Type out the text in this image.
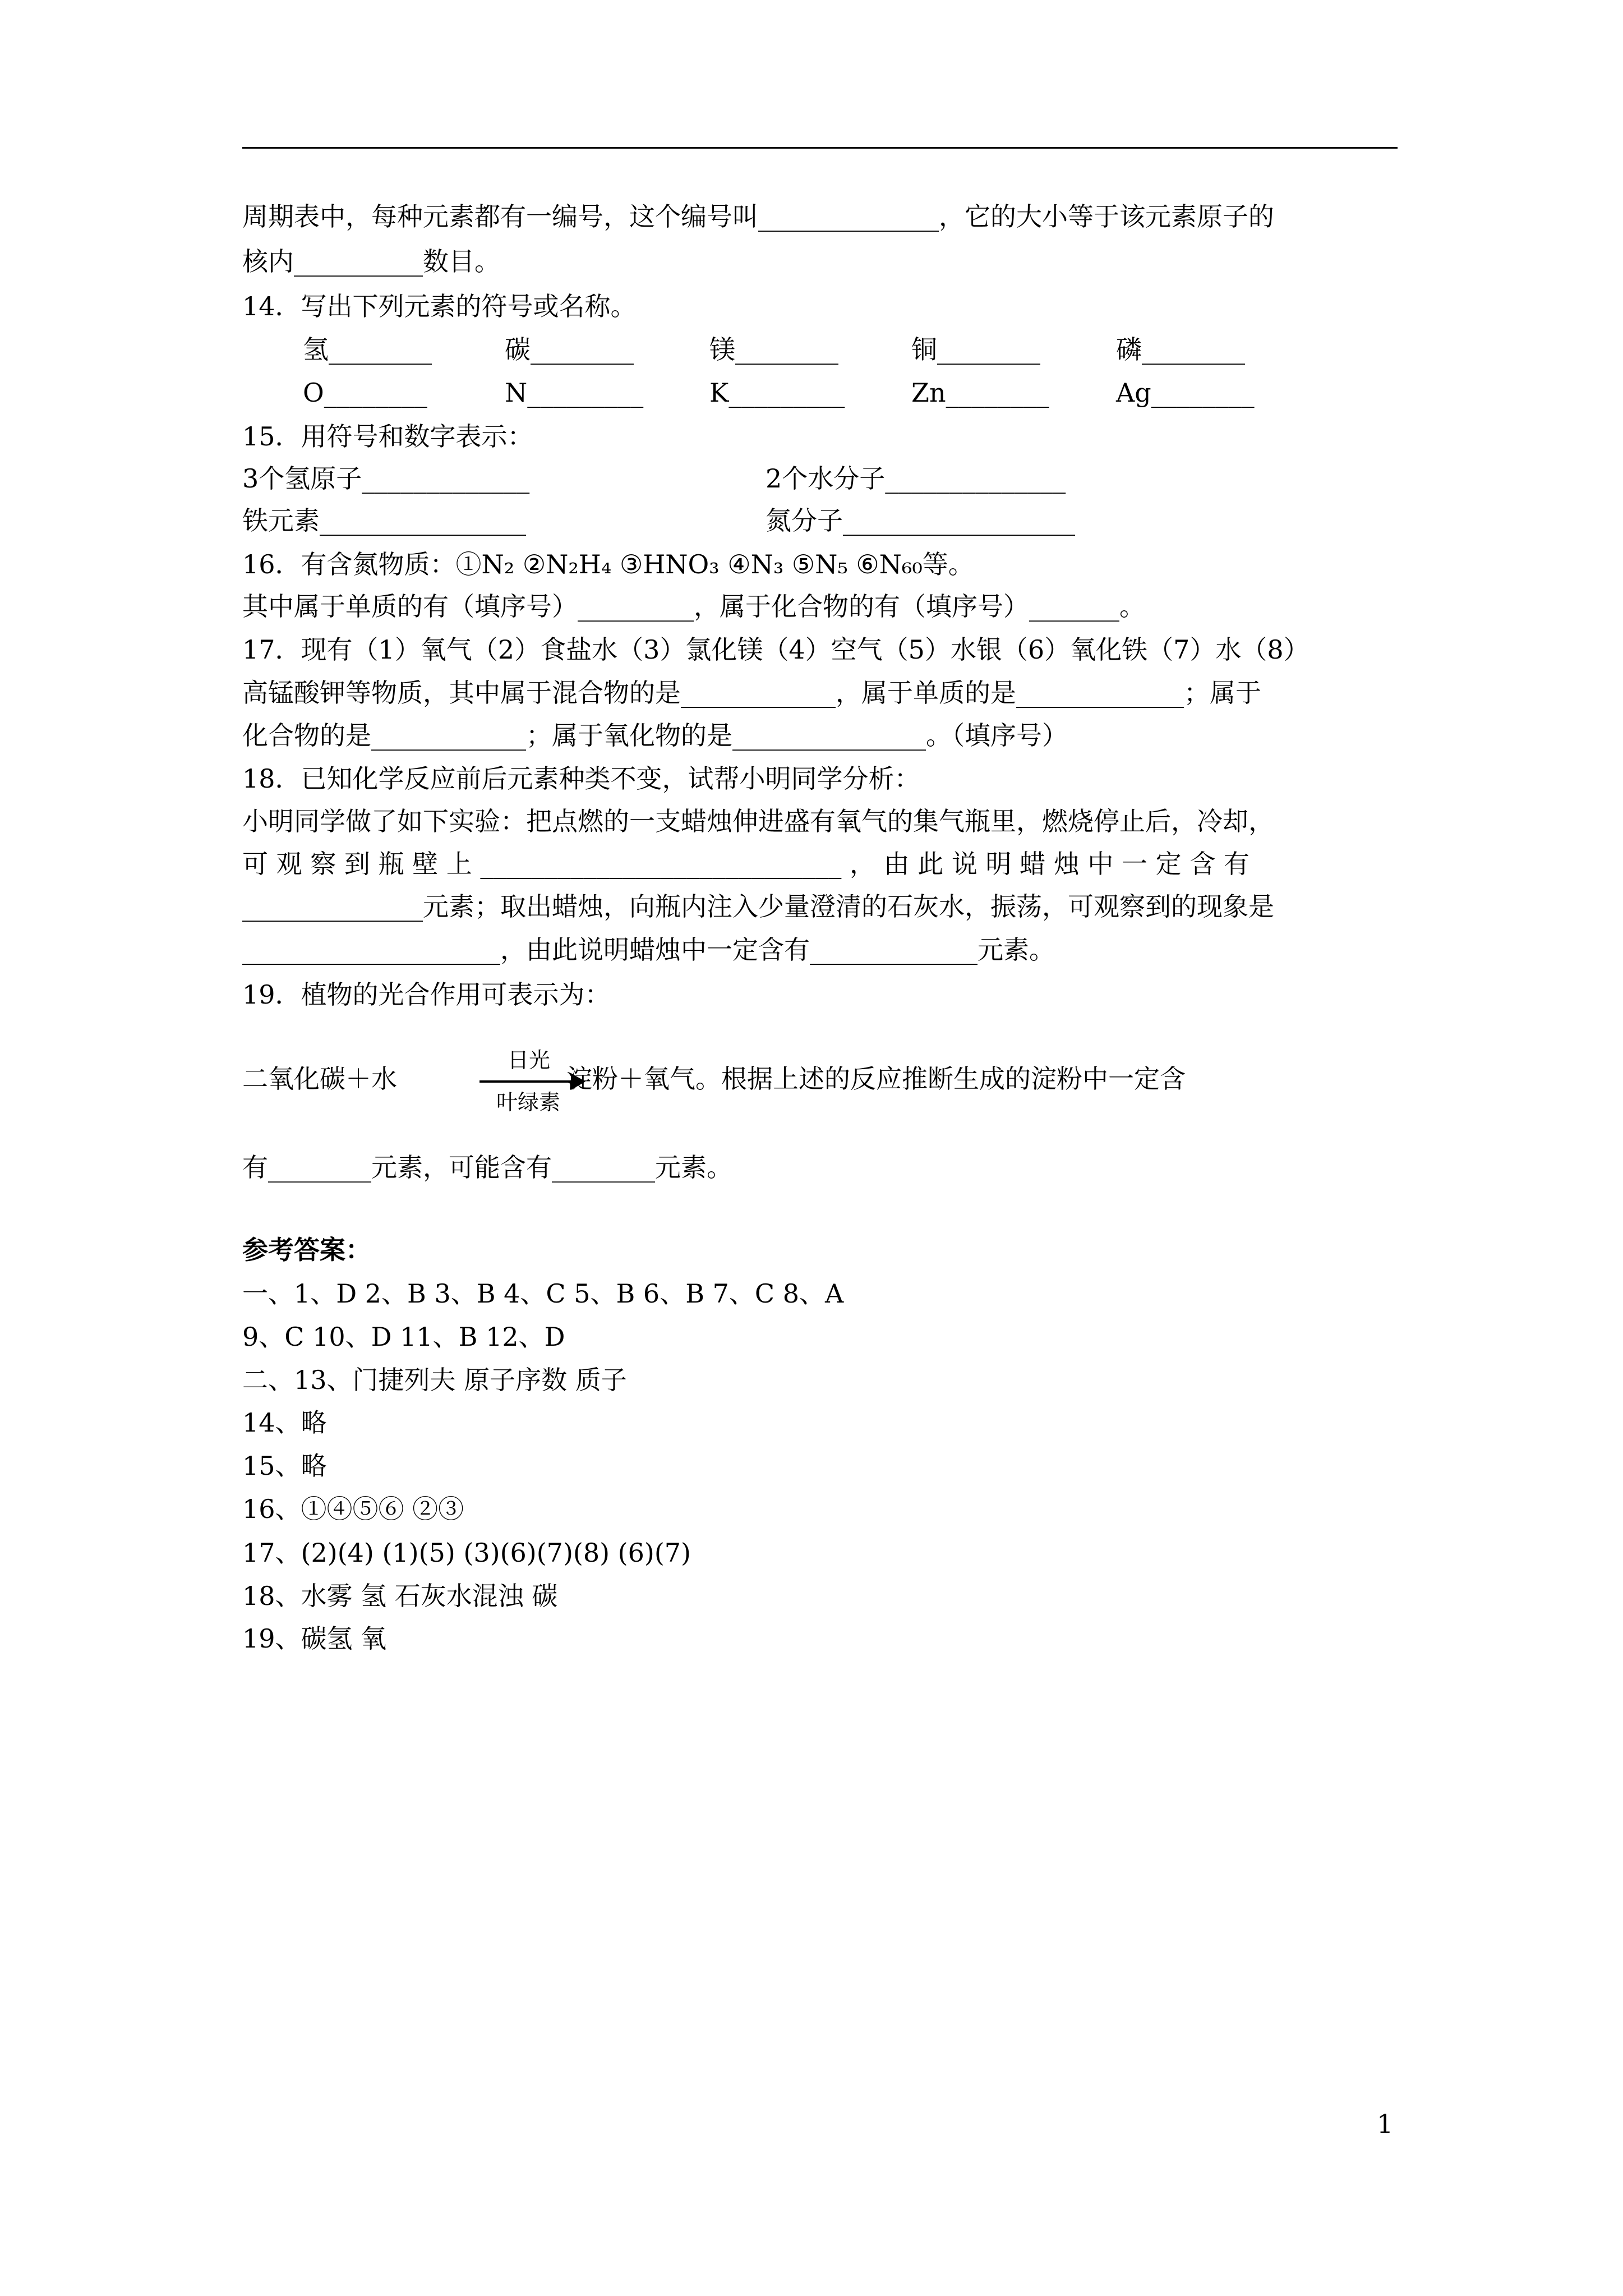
周期表中，每种元素都有一编号，这个编号叫______________，它的大小等于该元素原子的
核内__________数目。
14．写出下列元素的符号或名称。
氢________	碳________	镁________	铜________	磷________
O________	N_________	K_________	Zn________	Ag________
15．用符号和数字表示：
3个氢原子_____________	2个水分子______________
铁元素________________	氮分子__________________
16．有含氮物质：①N₂ ②N₂H₄ ③HNO₃ ④N₃ ⑤N₅ ⑥N₆₀等。
其中属于单质的有（填序号）_________，属于化合物的有（填序号）_______。
17．现有（1）氧气（2）食盐水（3）氯化镁（4）空气（5）水银（6）氧化铁（7）水（8）
高锰酸钾等物质，其中属于混合物的是____________，属于单质的是_____________；属于
化合物的是____________；属于氧化物的是_______________。（填序号）
18．已知化学反应前后元素种类不变，试帮小明同学分析：
小明同学做了如下实验：把点燃的一支蜡烛伸进盛有氧气的集气瓶里，燃烧停止后，冷却，
可 观 察 到 瓶 壁 上 ____________________________ ， 由 此 说 明 蜡 烛 中 一 定 含 有
______________元素；取出蜡烛，向瓶内注入少量澄清的石灰水，振荡，可观察到的现象是
____________________，由此说明蜡烛中一定含有_____________元素。
19．植物的光合作用可表示为：
二氧化碳＋水
日光
叶绿素
淀粉＋氧气。根据上述的反应推断生成的淀粉中一定含
有________元素，可能含有________元素。
参考答案：
一、1、D 2、B 3、B 4、C 5、B 6、B 7、C 8、A
9、C 10、D 11、B 12、D
二、13、门捷列夫 原子序数 质子
14、略
15、略
16、①④⑤⑥ ②③
17、(2)(4) (1)(5) (3)(6)(7)(8) (6)(7)
18、水雾 氢 石灰水混浊 碳
19、碳氢 氧
1
